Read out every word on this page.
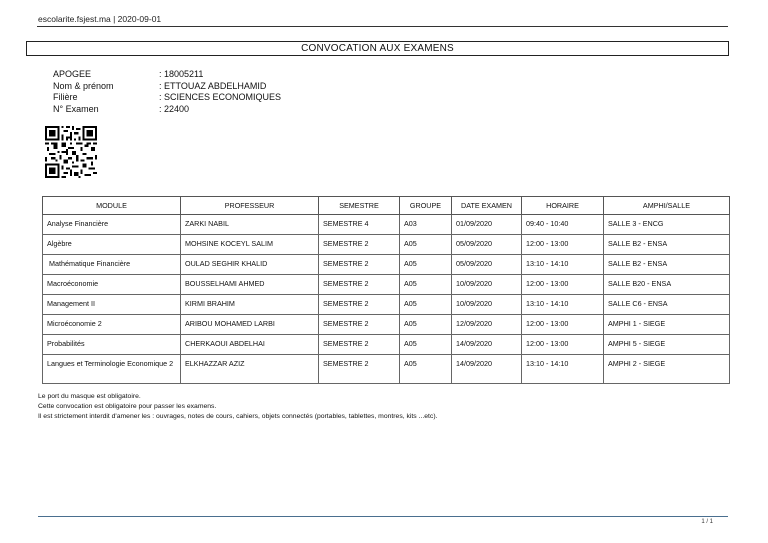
escolarite.fsjest.ma | 2020-09-01
CONVOCATION AUX EXAMENS
APOGEE	: 18005211
Nom & prénom	: ETTOUAZ ABDELHAMID
Filière	: SCIENCES ECONOMIQUES
N° Examen	: 22400
MODULE	PROFESSEUR	SEMESTRE	GROUPE	DATE EXAMEN	HORAIRE	AMPHI/SALLE
Analyse Financière	ZARKI NABIL	SEMESTRE 4	A03	01/09/2020	09:40 - 10:40	SALLE 3 - ENCG
Algèbre	MOHSINE KOCEYL SALIM	SEMESTRE 2	A05	05/09/2020	12:00 - 13:00	SALLE B2 - ENSA
Mathématique Financière	OULAD SEGHIR KHALID	SEMESTRE 2	A05	05/09/2020	13:10 - 14:10	SALLE B2 - ENSA
Macroéconomie	BOUSSELHAMI AHMED	SEMESTRE 2	A05	10/09/2020	12:00 - 13:00	SALLE B20 - ENSA
Management II	KIRMI BRAHIM	SEMESTRE 2	A05	10/09/2020	13:10 - 14:10	SALLE C6 - ENSA
Microéconomie 2	ARIBOU MOHAMED LARBI	SEMESTRE 2	A05	12/09/2020	12:00 - 13:00	AMPHI 1 - SIEGE
Probabilités	CHERKAOUI ABDELHAI	SEMESTRE 2	A05	14/09/2020	12:00 - 13:00	AMPHI 5 - SIEGE
Langues et Terminologie Economique 2	ELKHAZZAR AZIZ	SEMESTRE 2	A05	14/09/2020	13:10 - 14:10	AMPHI 2 - SIEGE
Le port du masque est obligatoire.
Cette convocation est obligatoire pour passer les examens.
Il est strictement interdit d'amener les : ouvrages, notes de cours, cahiers, objets connectés (portables, tablettes, montres, kits ...etc).
1 / 1
